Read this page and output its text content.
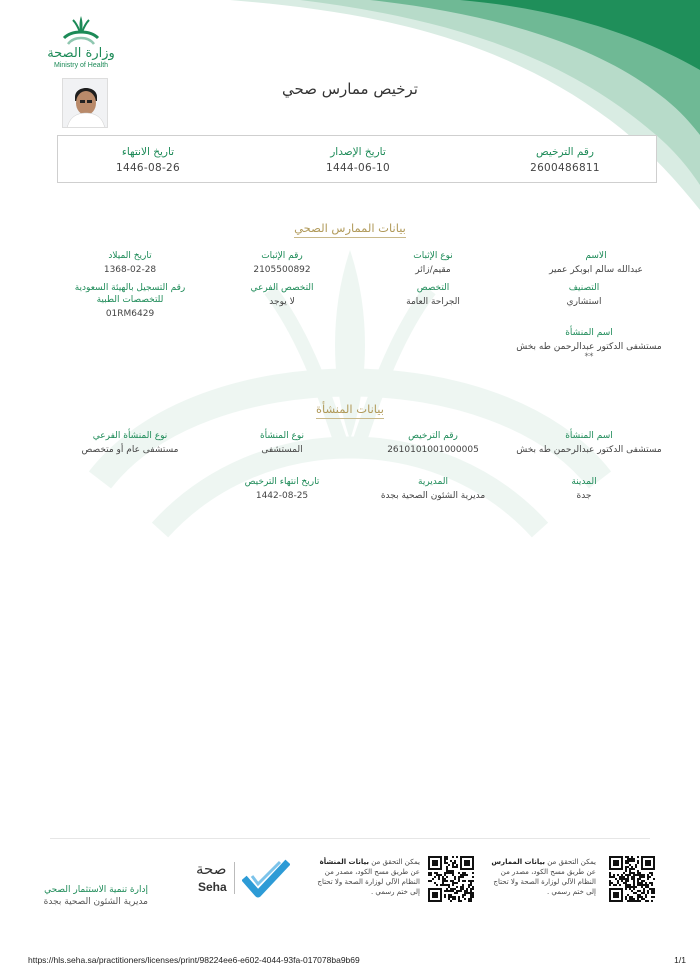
وزارة الصحة
Ministry of Health
ترخيص ممارس صحي
تاريخ الانتهاء
1446-08-26
تاريخ الإصدار
1444-06-10
رقم الترخيص
2600486811
بيانات الممارس الصحي
الاسم
عبدالله سالم ابوبكر عمير
نوع الإثبات
مقيم/زائر
رقم الإثبات
2105500892
تاريخ الميلاد
1368-02-28
التصنيف
استشاري
التخصص
الجراحة العامة
التخصص الفرعي
لا يوجد
رقم التسجيل بالهيئة السعودية للتخصصات الطبية
01RM6429
اسم المنشأة
مستشفى الدكتور عبدالرحمن طه بخش
**
بيانات المنشأة
اسم المنشأة
مستشفى الدكتور عبدالرحمن طه بخش
رقم الترخيص
2610101001000005
نوع المنشأة
المستشفى
نوع المنشأة الفرعي
مستشفى عام أو متخصص
المدينة
جدة
المديرية
مديرية الشئون الصحية بجدة
تاريخ انتهاء الترخيص
1442-08-25
إدارة تنمية الاستثمار الصحي
مديرية الشئون الصحية بجدة
صحة
Seha
يمكن التحقق من بيانات المنشأة
عن طريق مسح الكود، مصدر من النظام الآلي لوزارة الصحة ولا تحتاج إلى ختم رسمي .
يمكن التحقق من بيانات الممارس
عن طريق مسح الكود، مصدر من النظام الآلي لوزارة الصحة ولا تحتاج إلى ختم رسمي .
https://hls.seha.sa/practitioners/licenses/print/98224ee6-e602-4044-93fa-017078ba9b69	1/1
